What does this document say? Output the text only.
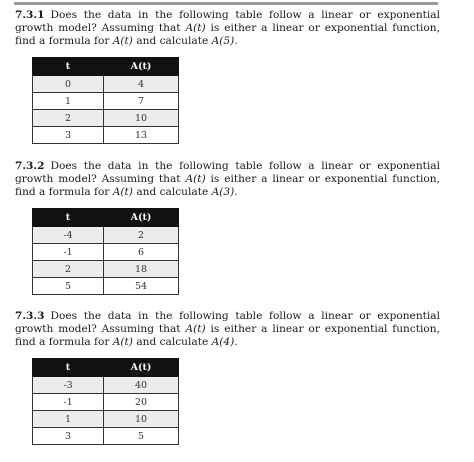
7.3.1 Does the data in the following table follow a linear or exponential growth model? Assuming that A(t) is either a linear or exponential function, find a formula for A(t) and calculate A(5).

t	A(t)
0	4
1	7
2	10
3	13

7.3.2 Does the data in the following table follow a linear or exponential growth model? Assuming that A(t) is either a linear or exponential function, find a formula for A(t) and calculate A(3).

t	A(t)
-4	2
-1	6
2	18
5	54

7.3.3 Does the data in the following table follow a linear or exponential growth model? Assuming that A(t) is either a linear or exponential function, find a formula for A(t) and calculate A(4).

t	A(t)
-3	40
-1	20
1	10
3	5
